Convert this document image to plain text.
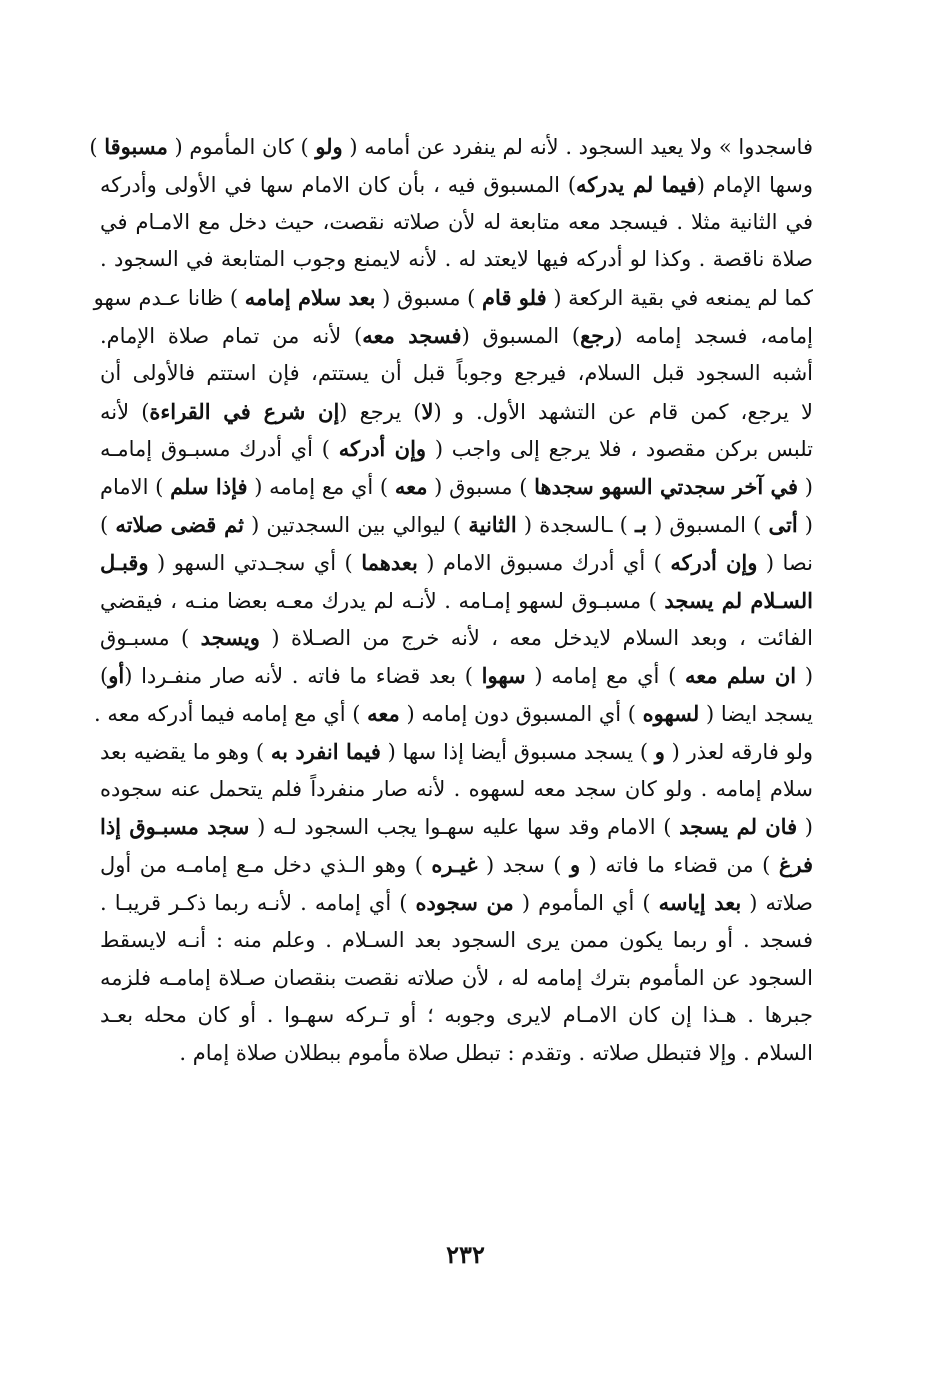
فاسجدوا » ولا يعيد السجود . لأنه لم ينفرد عن أمامه ( ولو ) كان المأموم ( مسبوقا )
وسها الإمام (فيما لم يدركه) المسبوق فيه ، بأن كان الامام سها في الأولى وأدركه
في الثانية مثلا . فيسجد معه متابعة له لأن صلاته نقصت، حيث دخل مع الامـام في
صلاة ناقصة . وكذا لو أدركه فيها لايعتد له . لأنه لايمنع وجوب المتابعة في السجود .
كما لم يمنعه في بقية الركعة ( فلو قام ) مسبوق ( بعد سلام إمامه ) ظانا عـدم سهو
إمامه، فسجد إمامه (رجع) المسبوق (فسجد معه) لأنه من تمام صلاة الإمام.
أشبه السجود قبل السلام، فيرجع وجوباً قبل أن يستتم، فإن استتم فالأولى أن
لا يرجع، كمن قام عن التشهد الأول. و (لا) يرجع (إن شرع في القراءة) لأنه
تلبس بركن مقصود ، فلا يرجع إلى واجب ( وإن أدركه ) أي أدرك مسبـوق إمامـه
( في آخر سجدتي السهو سجدها ) مسبوق ( معه ) أي مع إمامه ( فإذا سلم ) الامام
( أتى ) المسبوق ( بـ ) ـالسجدة ( الثانية ) ليوالي بين السجدتين ( ثم قضى صلاته )
نصا ( وإن أدركه ) أي أدرك مسبوق الامام ( بعدهما ) أي سجـدتي السهو ( وقبـل
السـلام لم يسجد ) مسبـوق لسهو إمـامه . لأنـه لم يدرك معـه بعضا منـه ، فيقضي
الفائت ، وبعد السلام لايدخل معه ، لأنه خرج من الصـلاة ( ويسجد ) مسبـوق
( ان سلم معه ) أي مع إمامه ( سهوا ) بعد قضاء ما فاته . لأنه صار منفـردا (أو)
يسجد ايضا ( لسهوه ) أي المسبوق دون إمامه ( معه ) أي مع إمامه فيما أدركه معه .
ولو فارقه لعذر ( و ) يسجد مسبوق أيضا إذا سها ( فيما انفرد به ) وهو ما يقضيه بعد
سلام إمامه . ولو كان سجد معه لسهوه . لأنه صار منفرداً فلم يتحمل عنه سجوده
( فان لم يسجد ) الامام وقد سها عليه سهـوا يجب السجود لـه ( سجد مسبـوق إذا
فرغ ) من قضاء ما فاته ( و ) سجد ( غيـره ) وهو الـذي دخل مـع إمامـه من أول
صلاته ( بعد إياسه ) أي المأموم ( من سجوده ) أي إمامه . لأنـه ربما ذكـر قريبـا .
فسجد . أو ربما يكون ممن يرى السجود بعد السـلام . وعلم منه : أنـه لايسقط
السجود عن المأموم بترك إمامه له ، لأن صلاته نقصت بنقصان صـلاة إمامـه فلزمه
جبرها . هـذا إن كان الامـام لايرى وجوبه ؛ أو تـركه سهـوا . أو كان محله بعـد
السلام . وإلا فتبطل صلاته . وتقدم : تبطل صلاة مأموم ببطلان صلاة إمام .
٢٣٢
